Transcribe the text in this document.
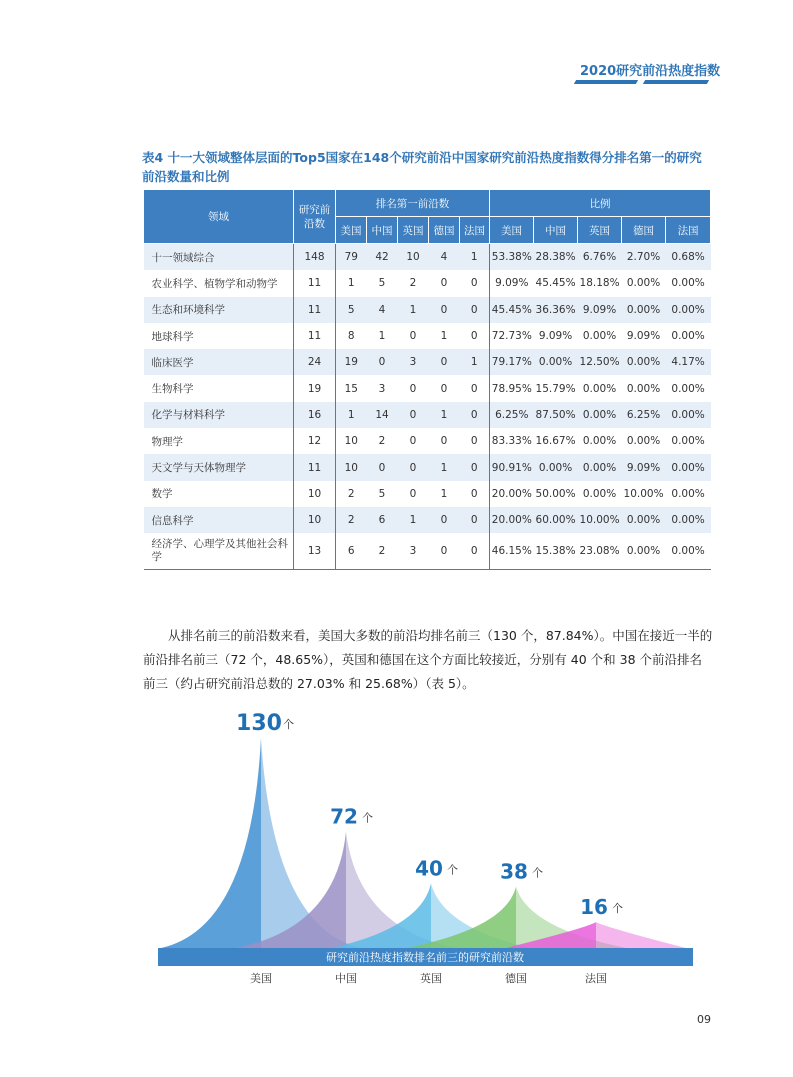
2020研究前沿热度指数
表4 十一大领域整体层面的Top5国家在148个研究前沿中国家研究前沿热度指数得分排名第一的研究前沿数量和比例
领域	研究前沿数	排名第一前沿数					比例				
		美国	中国	英国	德国	法国	美国	中国	英国	德国	法国
十一领域综合	148	79	42	10	4	1	53.38%	28.38%	6.76%	2.70%	0.68%
农业科学、植物学和动物学	11	1	5	2	0	0	9.09%	45.45%	18.18%	0.00%	0.00%
生态和环境科学	11	5	4	1	0	0	45.45%	36.36%	9.09%	0.00%	0.00%
地球科学	11	8	1	0	1	0	72.73%	9.09%	0.00%	9.09%	0.00%
临床医学	24	19	0	3	0	1	79.17%	0.00%	12.50%	0.00%	4.17%
生物科学	19	15	3	0	0	0	78.95%	15.79%	0.00%	0.00%	0.00%
化学与材料科学	16	1	14	0	1	0	6.25%	87.50%	0.00%	6.25%	0.00%
物理学	12	10	2	0	0	0	83.33%	16.67%	0.00%	0.00%	0.00%
天文学与天体物理学	11	10	0	0	1	0	90.91%	0.00%	0.00%	9.09%	0.00%
数学	10	2	5	0	1	0	20.00%	50.00%	0.00%	10.00%	0.00%
信息科学	10	2	6	1	0	0	20.00%	60.00%	10.00%	0.00%	0.00%
经济学、心理学及其他社会科学	13	6	2	3	0	0	46.15%	15.38%	23.08%	0.00%	0.00%
从排名前三的前沿数来看，美国大多数的前沿均排名前三（130 个，87.84%）。中国在接近一半的前沿排名前三（72 个，48.65%），英国和德国在这个方面比较接近，分别有 40 个和 38 个前沿排名前三（约占研究前沿总数的 27.03% 和 25.68%）（表 5）。
研究前沿热度指数排名前三的研究前沿数
130 个
美国
72 个
中国
40 个
英国
38 个
德国
16 个
法国
09
